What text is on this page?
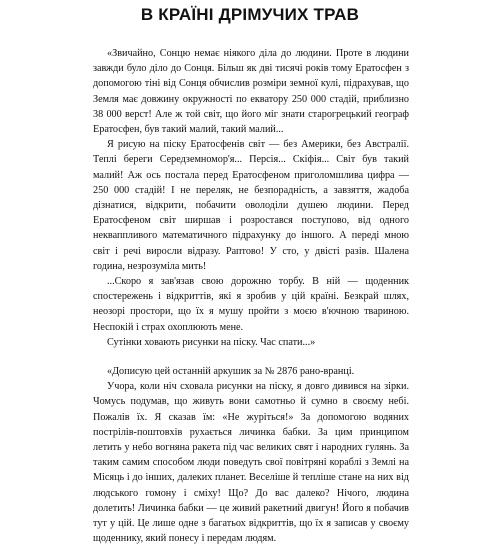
В КРАЇНІ ДРІМУЧИХ ТРАВ

«Звичайно, Сонцю немає ніякого діла до людини. Проте в людини завжди було діло до Сонця. Більш як дві тисячі років тому Ератосфен з допомогою тіні від Сонця обчислив розміри земної кулі, підрахував, що Земля має довжину окружності по екватору 250 000 стадій, приблизно 38 000 верст! Але ж той світ, що його міг знати старогрецький географ Ератосфен, був такий малий, такий малий...

Я рисую на піску Ератосфенів світ — без Америки, без Австралії. Теплі береги Середземномор'я... Персія... Скіфія... Світ був такий малий! Аж ось постала перед Ератосфеном приголомшлива цифра — 250 000 стадій! І не переляк, не безпорадність, а завзяття, жадоба дізнатися, відкрити, побачити оволоділи душею людини. Перед Ератосфеном світ ширшав і розростався поступово, від одного некваппливого математичного підрахунку до іншого. А переді мною світ і речі виросли відразу. Раптово! У сто, у двісті разів. Шалена година, незрозуміла мить!

...Скоро я зав'язав свою дорожню торбу. В ній — щоденник спостережень і відкриттів, які я зробив у цій країні. Безкрай шлях, неозорі простори, що їх я мушу пройти з моєю в'ючною твариною. Неспокій і страх охоплюють мене.

Сутінки ховають рисунки на піску. Час спати...»

«Дописую цей останній аркушик за № 2876 рано-вранці.

Учора, коли ніч сховала рисунки на піску, я довго дивився на зірки. Чомусь подумав, що живуть вони самотньо й сумно в своєму небі. Пожалів їх. Я сказав їм: «Не журіться!» За допомогою водяних пострілів-поштовхів рухається личинка бабки. За цим принципом летить у небо вогняна ракета під час великих свят і народних гулянь. За таким самим способом люди поведуть свої повітряні кораблі з Землі на Місяць і до інших, далеких планет. Веселіше й тепліше стане на них від людського гомону і сміху! Що? До вас далеко? Нічого, людина долетить! Личинка бабки — це живий ракетний двигун! Його я побачив тут у цій. Це лише одне з багатьох відкриттів, що їх я записав у своєму щоденнику, який понесу і передам людям.
